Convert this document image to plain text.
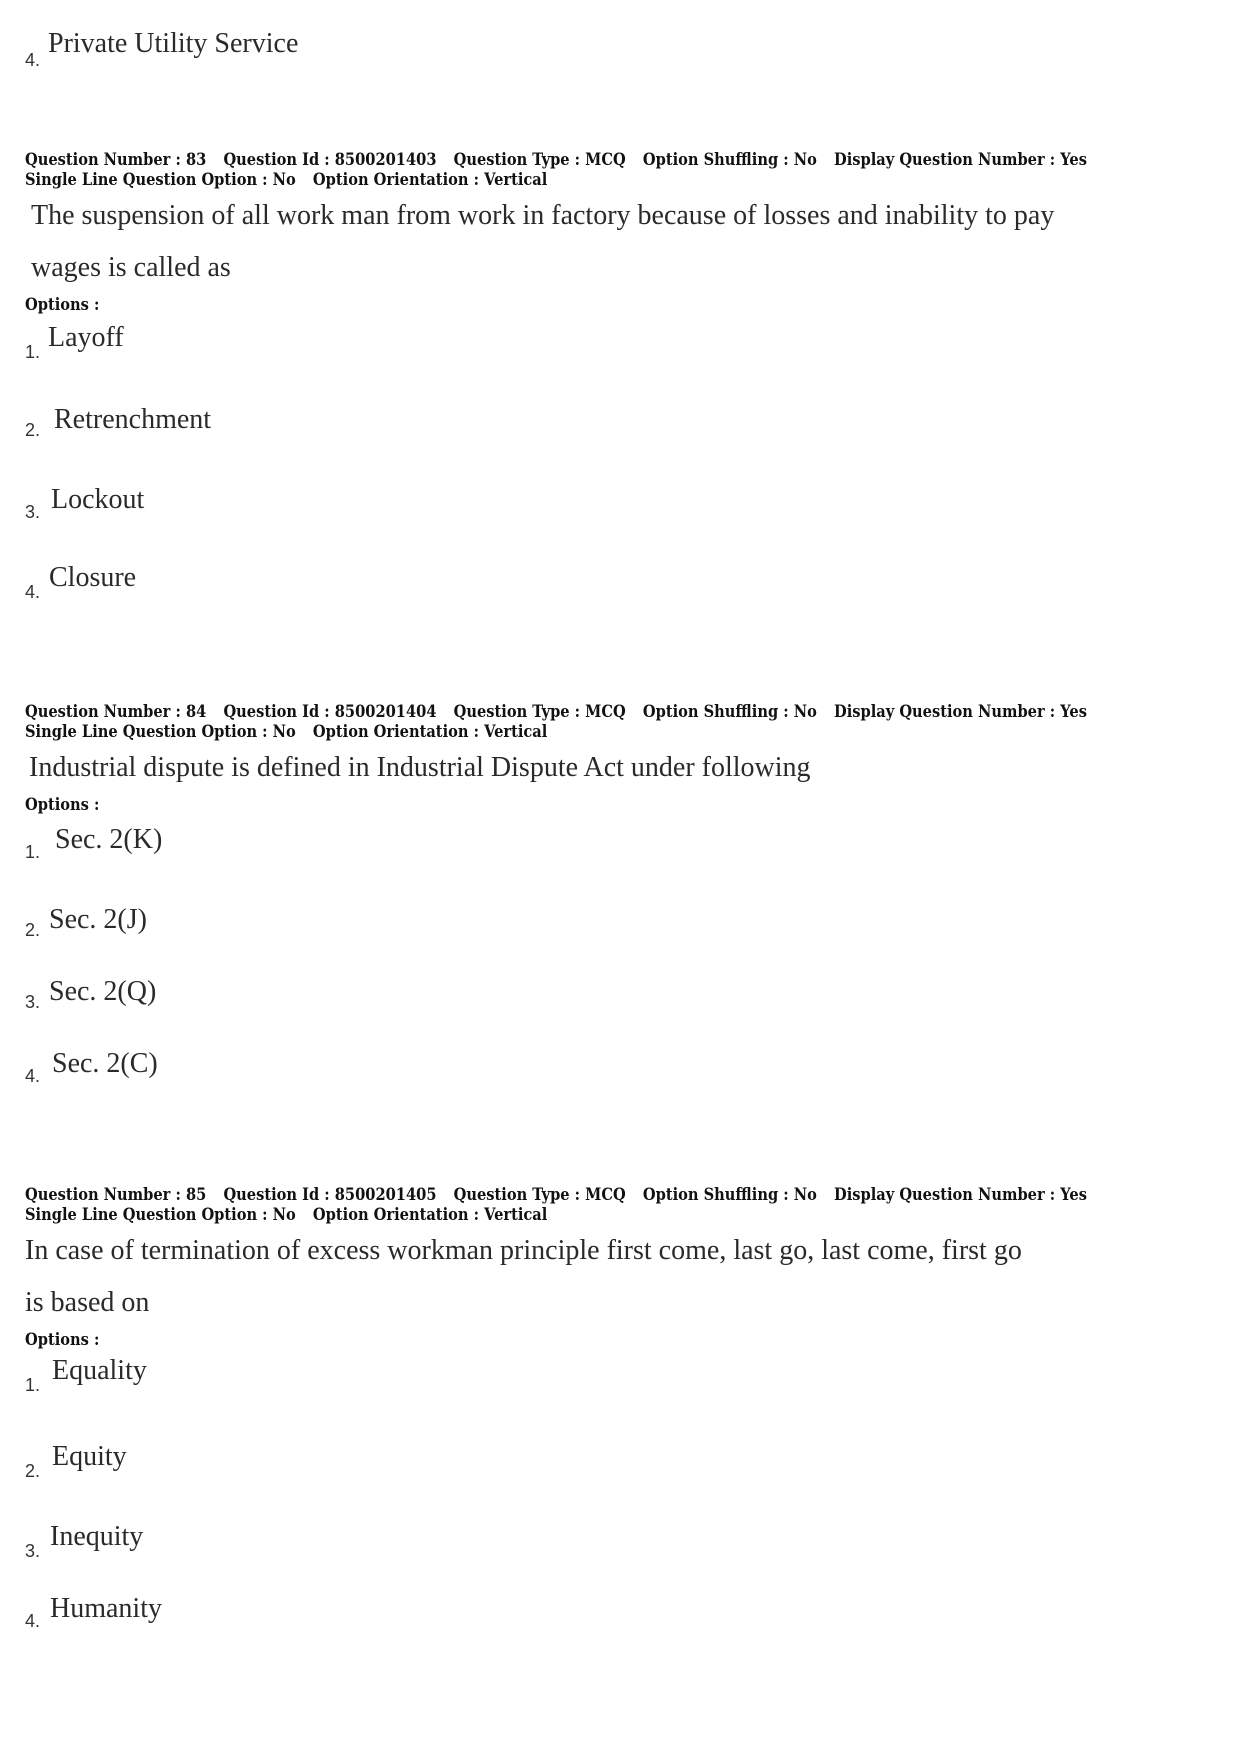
4.
Private Utility Service
Question Number : 83 Question Id : 8500201403 Question Type : MCQ Option Shuffling : No Display Question Number : Yes
Single Line Question Option : No Option Orientation : Vertical
The suspension of all work man from work in factory because of losses and inability to pay
wages is called as
Options :
1. Layoff
2. Retrenchment
3. Lockout
4. Closure
Question Number : 84 Question Id : 8500201404 Question Type : MCQ Option Shuffling : No Display Question Number : Yes
Single Line Question Option : No Option Orientation : Vertical
Industrial dispute is defined in Industrial Dispute Act under following
Options :
1. Sec. 2(K)
2. Sec. 2(J)
3. Sec. 2(Q)
4. Sec. 2(C)
Question Number : 85 Question Id : 8500201405 Question Type : MCQ Option Shuffling : No Display Question Number : Yes
Single Line Question Option : No Option Orientation : Vertical
In case of termination of excess workman principle first come, last go, last come, first go
is based on
Options :
1. Equality
2. Equity
3. Inequity
4. Humanity
